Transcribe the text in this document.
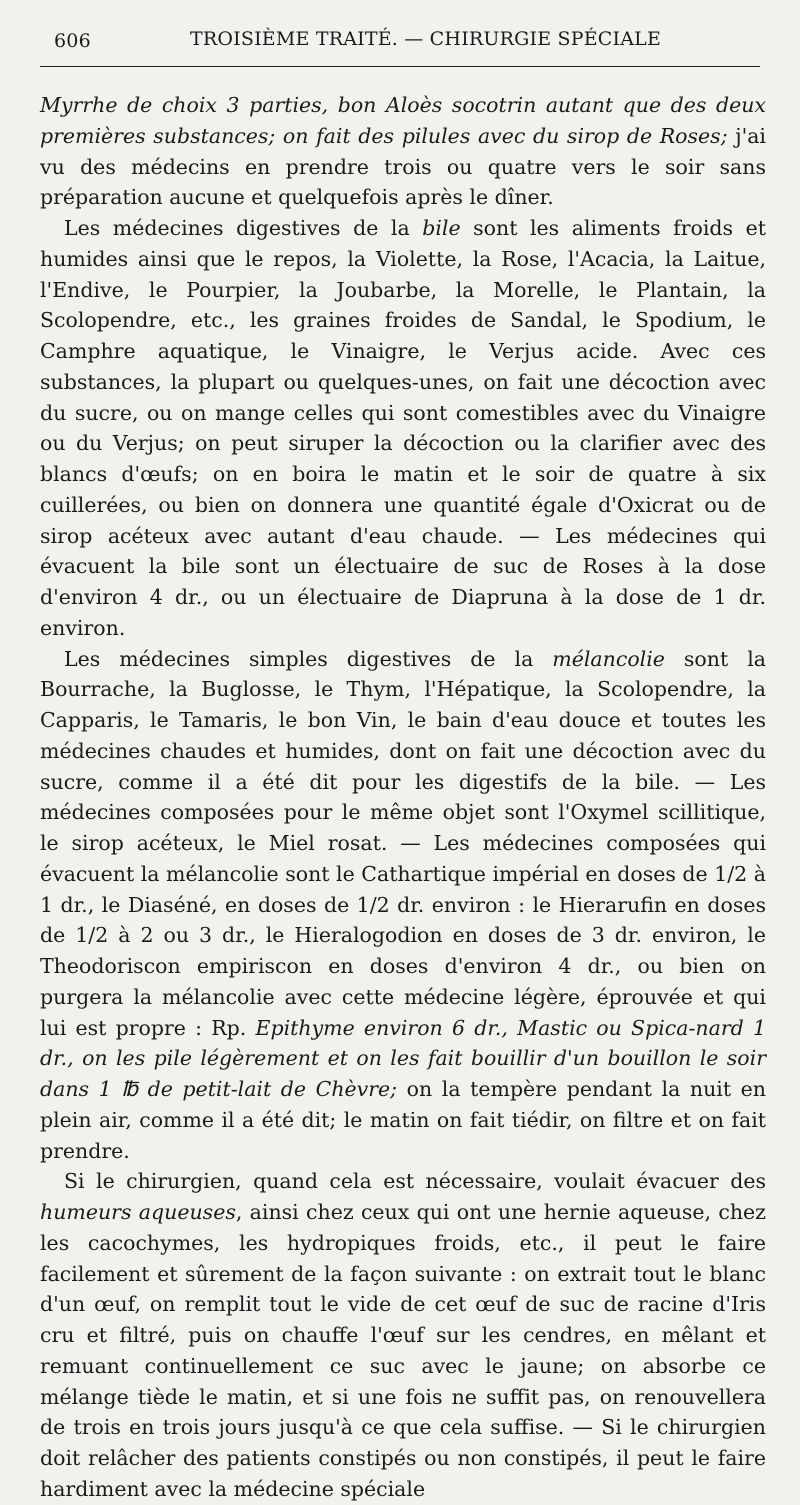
606	TROISIÈME TRAITÉ. — CHIRURGIE SPÉCIALE

Myrrhe de choix 3 parties, bon Aloès socotrin autant que des deux premières substances; on fait des pilules avec du sirop de Roses; j'ai vu des médecins en prendre trois ou quatre vers le soir sans préparation aucune et quelquefois après le dîner.

Les médecines digestives de la bile sont les aliments froids et humides ainsi que le repos, la Violette, la Rose, l'Acacia, la Laitue, l'Endive, le Pourpier, la Joubarbe, la Morelle, le Plantain, la Scolopendre, etc., les graines froides de Sandal, le Spodium, le Camphre aquatique, le Vinaigre, le Verjus acide. Avec ces substances, la plupart ou quelques-unes, on fait une décoction avec du sucre, ou on mange celles qui sont comestibles avec du Vinaigre ou du Verjus; on peut siruper la décoction ou la clarifier avec des blancs d'œufs; on en boira le matin et le soir de quatre à six cuillerées, ou bien on donnera une quantité égale d'Oxicrat ou de sirop acéteux avec autant d'eau chaude. — Les médecines qui évacuent la bile sont un électuaire de suc de Roses à la dose d'environ 4 dr., ou un électuaire de Diapruna à la dose de 1 dr. environ.

Les médecines simples digestives de la mélancolie sont la Bourrache, la Buglosse, le Thym, l'Hépatique, la Scolopendre, la Capparis, le Tamaris, le bon Vin, le bain d'eau douce et toutes les médecines chaudes et humides, dont on fait une décoction avec du sucre, comme il a été dit pour les digestifs de la bile. — Les médecines composées pour le même objet sont l'Oxymel scillitique, le sirop acéteux, le Miel rosat. — Les médecines composées qui évacuent la mélancolie sont le Cathartique impérial en doses de 1/2 à 1 dr., le Diaséné, en doses de 1/2 dr. environ : le Hierarufin en doses de 1/2 à 2 ou 3 dr., le Hieralogodion en doses de 3 dr. environ, le Theodoriscon empiriscon en doses d'environ 4 dr., ou bien on purgera la mélancolie avec cette médecine légère, éprouvée et qui lui est propre : Rp. Epithyme environ 6 dr., Mastic ou Spica-nard 1 dr., on les pile légèrement et on les fait bouillir d'un bouillon le soir dans 1 ℔ de petit-lait de Chèvre; on la tempère pendant la nuit en plein air, comme il a été dit; le matin on fait tiédir, on filtre et on fait prendre.

Si le chirurgien, quand cela est nécessaire, voulait évacuer des humeurs aqueuses, ainsi chez ceux qui ont une hernie aqueuse, chez les cacochymes, les hydropiques froids, etc., il peut le faire facilement et sûrement de la façon suivante : on extrait tout le blanc d'un œuf, on remplit tout le vide de cet œuf de suc de racine d'Iris cru et filtré, puis on chauffe l'œuf sur les cendres, en mêlant et remuant continuellement ce suc avec le jaune; on absorbe ce mélange tiède le matin, et si une fois ne suffit pas, on renouvellera de trois en trois jours jusqu'à ce que cela suffise. — Si le chirurgien doit relâcher des patients constipés ou non constipés, il peut le faire hardiment avec la médecine spéciale
